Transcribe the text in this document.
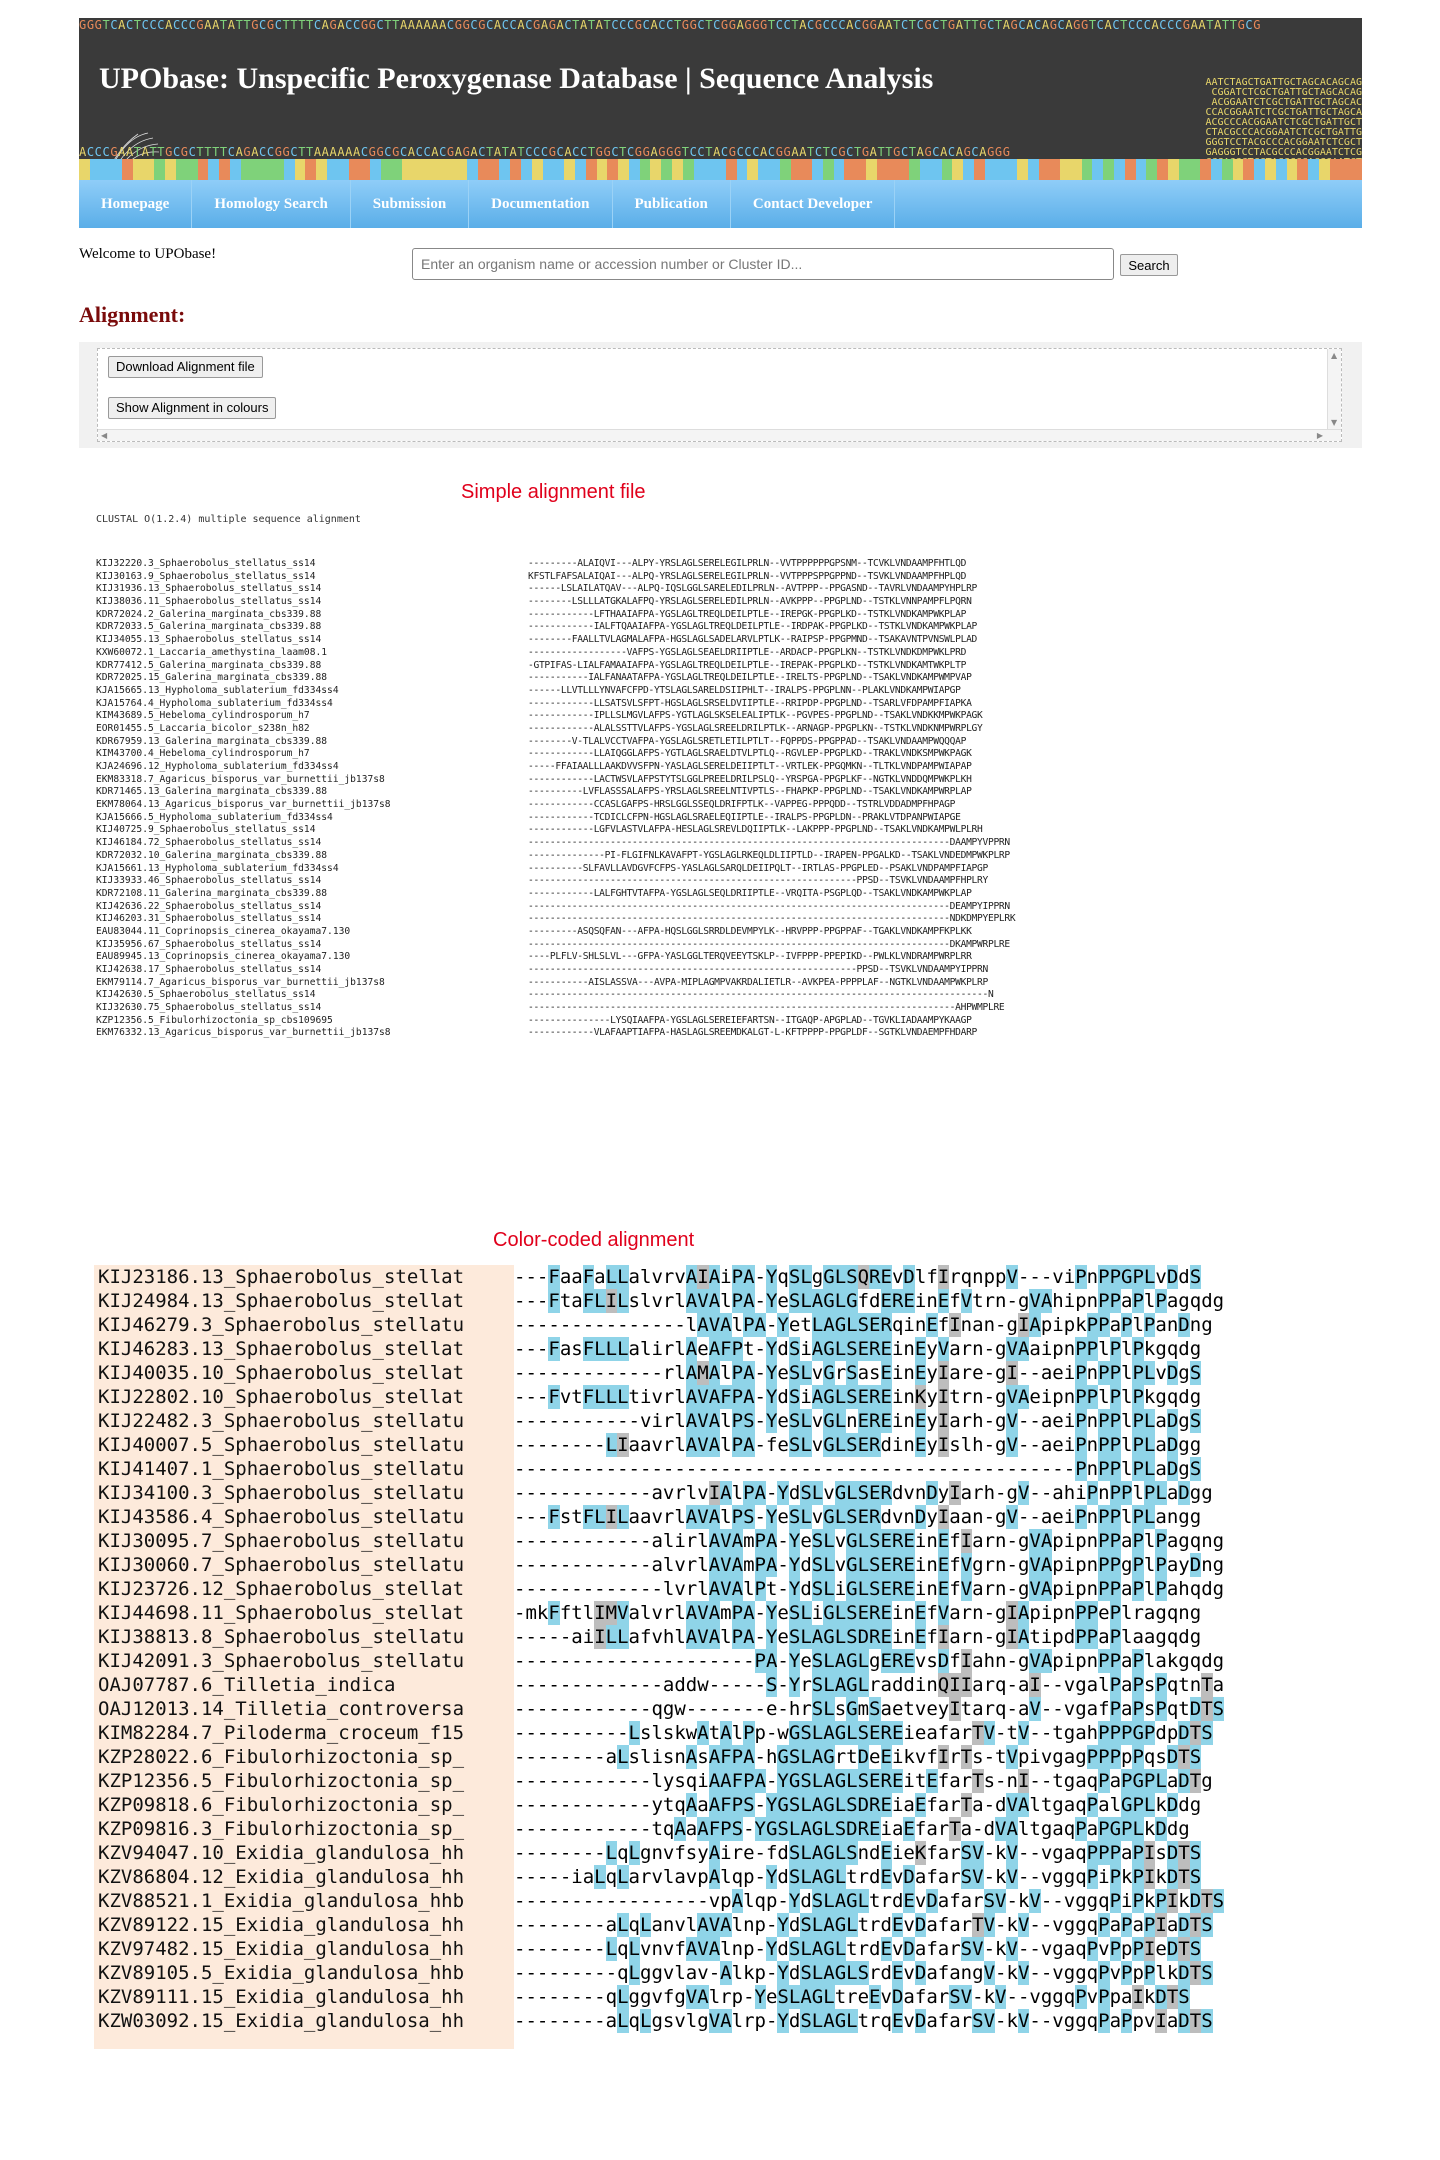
GGGTCACTCCCACCCGAATATTGCGCTTTTCAGACCGGCTTAAAAAACGGCGCACCACGAGACTATATCCCGCACCTGGCTCGGAGGGTCCTACGCCCACGGAATCTCGCTGATTGCTAGCACAGCAGGTCACTCCCACCCGAATATTGCG
AATCTAGCTGATTGCTAGCACAGCAG
CGGATCTCGCTGATTGCTAGCACAG
ACGGAATCTCGCTGATTGCTAGCAC
CCACGGAATCTCGCTGATTGCTAGCA
ACGCCCACGGAATCTCGCTGATTGCT
CTACGCCCACGGAATCTCGCTGATTG
GGGTCCTACGCCCACGGAATCTCGCT
GAGGGTCCTACGCCCACGGAATCTCG

UPObase: Unspecific Peroxygenase Database | Sequence Analysis
ACCCGAATATTGCGCTTTTCAGACCGGCTTAAAAAACGGCGCACCACGAGACTATATCCCGCACCTGGCTCGGAGGGTCCTACGCCCACGGAATCTCGCTGATTGCTAGCACAGCAGGG
Homepage	Homology Search	Submission	Documentation	Publication	Contact Developer
Welcome to UPObase!
Enter an organism name or accession number or Cluster ID...
Search
Alignment:
Download Alignment file
Show Alignment in colours
▲
▼
◀	▶
Simple alignment file
CLUSTAL O(1.2.4) multiple sequence alignment
KIJ32220.3_Sphaerobolus_stellatus_ss14	---------ALAIQVI---ALPY-YRSLAGLSERELEGILPRLN--VVTPPPPPPGPSNM--TCVKLVNDAAMPFHTLQD
KIJ30163.9_Sphaerobolus_stellatus_ss14	KFSTLFAFSALAIQAI---ALPQ-YRSLAGLSERELEGILPRLN--VVTPPPSPPGPPND--TSVKLVNDAAMPFHPLQD
KIJ31936.13_Sphaerobolus_stellatus_ss14	------LSLAILATQAV---ALPQ-IQSLGGLSARELEDILPRLN--AVTPPP--PPGASND--TAVRLVNDAAMPYHPLRP
KIJ38036.11_Sphaerobolus_stellatus_ss14	--------LSLLLATGKALAFPQ-YRSLAGLSERELEDILPRLN--AVKPPP--PPGPLND--TSTKLVNNPAMPFLPQRN
KDR72024.2_Galerina_marginata_cbs339.88	------------LFTHAAIAFPA-YGSLAGLTREQLDEILPTLE--IREPGK-PPGPLKD--TSTKLVNDKAMPWKPLAP
KDR72033.5_Galerina_marginata_cbs339.88	------------IALFTQAAIAFPA-YGSLAGLTREQLDEILPTLE--IRDPAK-PPGPLKD--TSTKLVNDKAMPWKPLAP
KIJ34055.13_Sphaerobolus_stellatus_ss14	--------FAALLTVLAGMALAFPA-HGSLAGLSADELARVLPTLK--RAIPSP-PPGPMND--TSAKAVNTPVNSWLPLAD
KXW60072.1_Laccaria_amethystina_laam08.1	------------------VAFPS-YGSLAGLSEAELDRIIPTLE--ARDACP-PPGPLKN--TSTKLVNDKDMPWKLPRD
KDR77412.5_Galerina_marginata_cbs339.88	-GTPIFAS-LIALFAMAAIAFPA-YGSLAGLTREQLDEILPTLE--IREPAK-PPGPLKD--TSTKLVNDKAMTWKPLTP
KDR72025.15_Galerina_marginata_cbs339.88	-----------IALFANAATAFPA-YGSLAGLTREQLDEILPTLE--IRELTS-PPGPLND--TSAKLVNDKAMPWMPVAP
KJA15665.13_Hypholoma_sublaterium_fd334ss4	------LLVTLLLYNVAFCFPD-YTSLAGLSARELDSIIPHLT--IRALPS-PPGPLNN--PLAKLVNDKAMPWIAPGP
KJA15764.4_Hypholoma_sublaterium_fd334ss4	------------LLSATSVLSFPT-HGSLAGLSRSELDVIIPTLE--RRIPDP-PPGPLND--TSARLVFDPAMPFIAPKA
KIM43689.5_Hebeloma_cylindrosporum_h7	------------IPLLSLMGVLAFPS-YGTLAGLSKSELEALIPTLK--PGVPES-PPGPLND--TSAKLVNDKKMPWKPAGK
EOR01455.5_Laccaria_bicolor_s238n_h82	------------ALALSSTTVLAFPS-YGSLAGLSREELDRILPTLK--ARNAGP-PPGPLKN--TSTKLVNDKNMPWRPLGY
KDR67959.13_Galerina_marginata_cbs339.88	--------V-TLALVCCTVAFPA-YGSLAGLSRETLETILPTLT--FQPPDS-PPGPPAD--TSAKLVNDAAMPWQQQAP
KIM43700.4_Hebeloma_cylindrosporum_h7	------------LLAIQGGLAFPS-YGTLAGLSRAELDTVLPTLQ--RGVLEP-PPGPLKD--TRAKLVNDKSMPWKPAGK
KJA24696.12_Hypholoma_sublaterium_fd334ss4	-----FFAIAALLLAAKDVVSFPN-YASLAGLSERELDEIIPTLT--VRTLEK-PPGQMKN--TLTKLVNDPAMPWIAPAP
EKM83318.7_Agaricus_bisporus_var_burnettii_jb137s8	------------LACTWSVLAFPSTYTSLGGLPREELDRILPSLQ--YRSPGA-PPGPLKF--NGTKLVNDDQMPWKPLKH
KDR71465.13_Galerina_marginata_cbs339.88	----------LVFLASSSALAFPS-YRSLAGLSREELNTIVPTLS--FHAPKP-PPGPLND--TSAKLVNDKAMPWRPLAP
EKM78064.13_Agaricus_bisporus_var_burnettii_jb137s8	------------CCASLGAFPS-HRSLGGLSSEQLDRIFPTLK--VAPPEG-PPPQDD--TSTRLVDDADMPFHPAGP
KJA15666.5_Hypholoma_sublaterium_fd334ss4	------------TCDICLCFPN-HGSLAGLSRAELEQIIPTLE--IRALPS-PPGPLDN--PRAKLVTDPANPWIAPGE
KIJ40725.9_Sphaerobolus_stellatus_ss14	------------LGFVLASTVLAFPA-HESLAGLSREVLDQIIPTLK--LAKPPP-PPGPLND--TSAKLVNDKAMPWLPLRH
KIJ46184.72_Sphaerobolus_stellatus_ss14	-----------------------------------------------------------------------------DAAMPYVPPRN
KDR72032.10_Galerina_marginata_cbs339.88	--------------PI-FLGIFNLKAVAFPT-YGSLAGLRKEQLDLIIPTLD--IRAPEN-PPGALKD--TSAKLVNDEDMPWKPLRP
KJA15661.13_Hypholoma_sublaterium_fd334ss4	----------SLFAVLLAVDGVFCFPS-YASLAGLSARQLDEIIPQLT--IRTLAS-PPGPLED--PSAKLVNDPAMPFIAPGP
KIJ33933.46_Sphaerobolus_stellatus_ss14	------------------------------------------------------------PPSD--TSVKLVNDAAMPFHPLRY
KDR72108.11_Galerina_marginata_cbs339.88	------------LALFGHTVTAFPA-YGSLAGLSEQLDRIIPTLE--VRQITA-PSGPLQD--TSAKLVNDKAMPWKPLAP
KIJ42636.22_Sphaerobolus_stellatus_ss14	-----------------------------------------------------------------------------DEAMPYIPPRN
KIJ46203.31_Sphaerobolus_stellatus_ss14	-----------------------------------------------------------------------------NDKDMPYEPLRK
EAU83044.11_Coprinopsis_cinerea_okayama7.130	---------ASQSQFAN---AFPA-HQSLGGLSRRDLDEVMPYLK--HRVPPP-PPGPPAF--TGAKLVNDKAMPFKPLKK
KIJ35956.67_Sphaerobolus_stellatus_ss14	-----------------------------------------------------------------------------DKAMPWRPLRE
EAU89945.13_Coprinopsis_cinerea_okayama7.130	----PLFLV-SHLSLVL---GFPA-YASLGGLTERQVEEYTSKLP--IVFPPP-PPEPIKD--PWLKLVNDRAMPWRPLRR
KIJ42638.17_Sphaerobolus_stellatus_ss14	------------------------------------------------------------PPSD--TSVKLVNDAAMPYIPPRN
EKM79114.7_Agaricus_bisporus_var_burnettii_jb137s8	-----------AISLASSVA---AVPA-MIPLAGMPVAKRDALIETLR--AVKPEA-PPPPLAF--NGTKLVNDAAMPWKPLRP
KIJ42630.5_Sphaerobolus_stellatus_ss14	------------------------------------------------------------------------------------N
KIJ32630.75_Sphaerobolus_stellatus_ss14	------------------------------------------------------------------------------AHPWMPLRE
KZP12356.5_Fibulorhizoctonia_sp_cbs109695	---------------LYSQIAAFPA-YGSLAGLSEREIEFARTSN--ITGAQP-APGPLAD--TGVKLIADAAMPYKAAGP
EKM76332.13_Agaricus_bisporus_var_burnettii_jb137s8	------------VLAFAAPTIAFPA-HASLAGLSREEMDKALGT-L-KFTPPPP-PPGPLDF--SGTKLVNDAEMPFHDARP
Color-coded alignment
KIJ23186.13_Sphaerobolus_stellat	- - - F a a F a L L a l v r v A I A i P A - Y q S L g G L S Q R E v D l f I r q n p p V - - - v i P n P P G P L v D d S
KIJ24984.13_Sphaerobolus_stellat	- - - F t a F L I L s l v r l A V A l P A - Y e S L A G L G f d E R E i n E f V t r n - g V A h i p n P P a P l P a g q d g
KIJ46279.3_Sphaerobolus_stellatu	- - - - - - - - - - - - - - - l A V A l P A - Y e t L A G L S E R q i n E f I n a n - g I A p i p k P P a P l P a n D n g
KIJ46283.13_Sphaerobolus_stellat	- - - F a s F L L L a l i r l A e A F P t - Y d S i A G L S E R E i n E y V a r n - g V A a i p n P P l P l P k g q d g
KIJ40035.10_Sphaerobolus_stellat	- - - - - - - - - - - - - r l A M A l P A - Y e S L v G r S a s E i n E y I a r e - g I - - a e i P n P P l P L v D g S
KIJ22802.10_Sphaerobolus_stellat	- - - F v t F L L L t i v r l A V A F P A - Y d S i A G L S E R E i n K y I t r n - g V A e i p n P P l P l P k g q d g
KIJ22482.3_Sphaerobolus_stellatu	- - - - - - - - - - - v i r l A V A l P S - Y e S L v G L n E R E i n E y I a r h - g V - - a e i P n P P l P L a D g S
KIJ40007.5_Sphaerobolus_stellatu	- - - - - - - - L I a a v r l A V A l P A - f e S L v G L S E R d i n E y I s l h - g V - - a e i P n P P l P L a D g g
KIJ41407.1_Sphaerobolus_stellatu	- - - - - - - - - - - - - - - - - - - - - - - - - - - - - - - - - - - - - - - - - - - - - - - - - P n P P l P L a D g S
KIJ34100.3_Sphaerobolus_stellatu	- - - - - - - - - - - - a v r l v I A l P A - Y d S L v G L S E R d v n D y I a r h - g V - - a h i P n P P l P L a D g g
KIJ43586.4_Sphaerobolus_stellatu	- - - F s t F L I L a a v r l A V A l P S - Y e S L v G L S E R d v n D y I a a n - g V - - a e i P n P P l P L a n g g
KIJ30095.7_Sphaerobolus_stellatu	- - - - - - - - - - - - a l i r l A V A m P A - Y e S L v G L S E R E i n E f I a r n - g V A p i p n P P a P l P a g q n g
KIJ30060.7_Sphaerobolus_stellatu	- - - - - - - - - - - - a l v r l A V A m P A - Y d S L v G L S E R E i n E f V g r n - g V A p i p n P P g P l P a y D n g
KIJ23726.12_Sphaerobolus_stellat	- - - - - - - - - - - - - l v r l A V A l P t - Y d S L i G L S E R E i n E f V a r n - g V A p i p n P P a P l P a h q d g
KIJ44698.11_Sphaerobolus_stellat	- m k F f t l I M V a l v r l A V A m P A - Y e S L i G L S E R E i n E f V a r n - g I A p i p n P P e P l r a g q n g
KIJ38813.8_Sphaerobolus_stellatu	- - - - - a i I L L a f v h l A V A l P A - Y e S L A G L S D R E i n E f I a r n - g I A t i p d P P a P l a a g q d g
KIJ42091.3_Sphaerobolus_stellatu	- - - - - - - - - - - - - - - - - - - - - P A - Y e S L A G L g E R E v s D f I a h n - g V A p i p n P P a P l a k g q d g
OAJ07787.6_Tilletia_indica	- - - - - - - - - - - - - a d d w - - - - - S - Y r S L A G L r a d d i n Q I I a r q - a I - - v g a l P a P s P q t n T a
OAJ12013.14_Tilletia_controversa	- - - - - - - - - - - - q g w - - - - - - - e - h r S L s G m S a e t v e y I t a r q - a V - - v g a f P a P s P q t D T S
KIM82284.7_Piloderma_croceum_f15	- - - - - - - - - - L s l s k w A t A l P p - w G S L A G L S E R E i e a f a r T V - t V - - t g a h P P P G P d p D T S
KZP28022.6_Fibulorhizoctonia_sp_	- - - - - - - - a L s l i s n A s A F P A - h G S L A G r t D e E i k v f I r T s - t V p i v g a g P P P p P q s D T S
KZP12356.5_Fibulorhizoctonia_sp_	- - - - - - - - - - - - l y s q i A A F P A - Y G S L A G L S E R E i t E f a r T s - n I - - t g a q P a P G P L a D T g
KZP09818.6_Fibulorhizoctonia_sp_	- - - - - - - - - - - - y t q A a A F P S - Y G S L A G L S D R E i a E f a r T a - d V A l t g a q P a l G P L k D d g
KZP09816.3_Fibulorhizoctonia_sp_	- - - - - - - - - - - - t q A a A F P S - Y G S L A G L S D R E i a E f a r T a - d V A l t g a q P a P G P L k D d g
KZV94047.10_Exidia_glandulosa_hh	- - - - - - - - L q L g n v f s y A i r e - f d S L A G L S n d E i e K f a r S V - k V - - v g a q P P P a P I s D T S
KZV86804.12_Exidia_glandulosa_hh	- - - - - i a L q L a r v l a v p A l q p - Y d S L A G L t r d E v D a f a r S V - k V - - v g g q P i P k P I k D T S
KZV88521.1_Exidia_glandulosa_hhb	- - - - - - - - - - - - - - - - - v p A l q p - Y d S L A G L t r d E v D a f a r S V - k V - - v g g q P i P k P I k D T S
KZV89122.15_Exidia_glandulosa_hh	- - - - - - - - a L q L a n v l A V A l n p - Y d S L A G L t r d E v D a f a r T V - k V - - v g g q P a P a P I a D T S
KZV97482.15_Exidia_glandulosa_hh	- - - - - - - - L q L v n v f A V A l n p - Y d S L A G L t r d E v D a f a r S V - k V - - v g a q P v P p P I e D T S
KZV89105.5_Exidia_glandulosa_hhb	- - - - - - - - - q L g g v l a v - A l k p - Y d S L A G L S r d E v D a f a n g V - k V - - v g g q P v P p P l k D T S
KZV89111.15_Exidia_glandulosa_hh	- - - - - - - - q L g g v f g V A l r p - Y e S L A G L t r e E v D a f a r S V - k V - - v g g q P v P p a I k D T S
KZW03092.15_Exidia_glandulosa_hh	- - - - - - - - a L q L g s v l g V A l r p - Y d S L A G L t r q E v D a f a r S V - k V - - v g g q P a P p v I a D T S
